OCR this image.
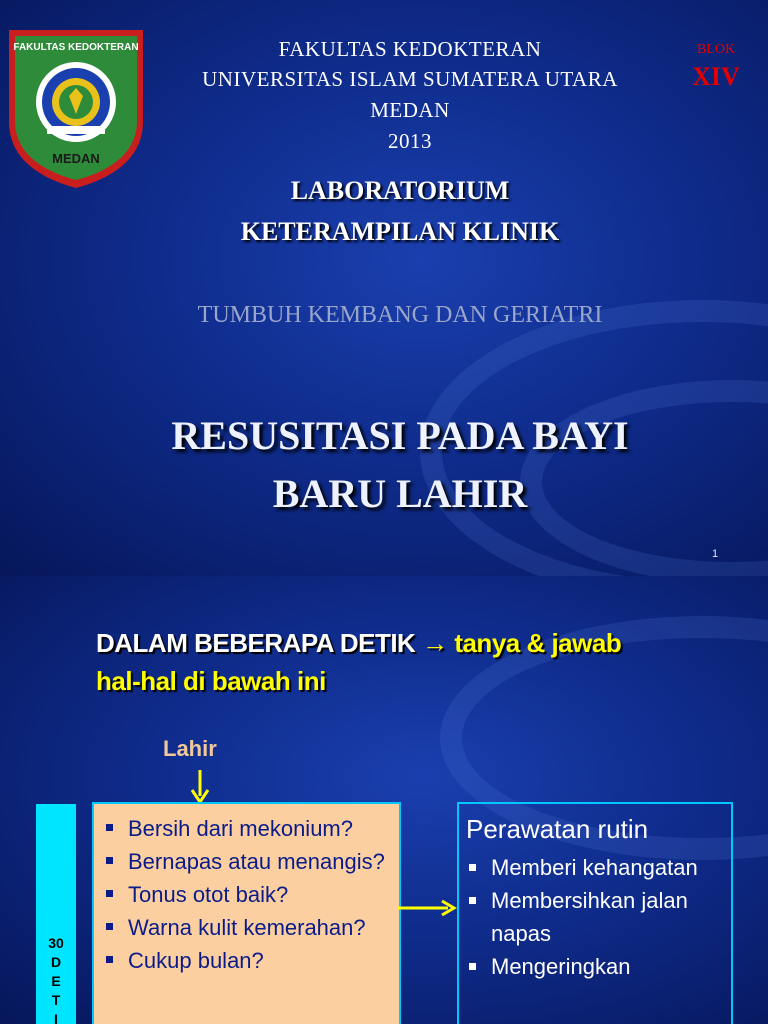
FAKULTAS KEDOKTERAN
MEDAN
FAKULTAS KEDOKTERAN
UNIVERSITAS ISLAM SUMATERA UTARA
MEDAN
2013
BLOK
XIV
LABORATORIUM
KETERAMPILAN KLINIK
TUMBUH KEMBANG DAN GERIATRI
RESUSITASI PADA BAYI
BARU LAHIR
1
DALAM BEBERAPA DETIK → tanya & jawab
hal-hal di bawah ini
Lahir
30
D
E
T
I
Bersih dari mekonium?
Bernapas atau menangis?
Tonus otot baik?
Warna kulit kemerahan?
Cukup bulan?
Perawatan rutin
Memberi kehangatan
Membersihkan jalan napas
Mengeringkan
